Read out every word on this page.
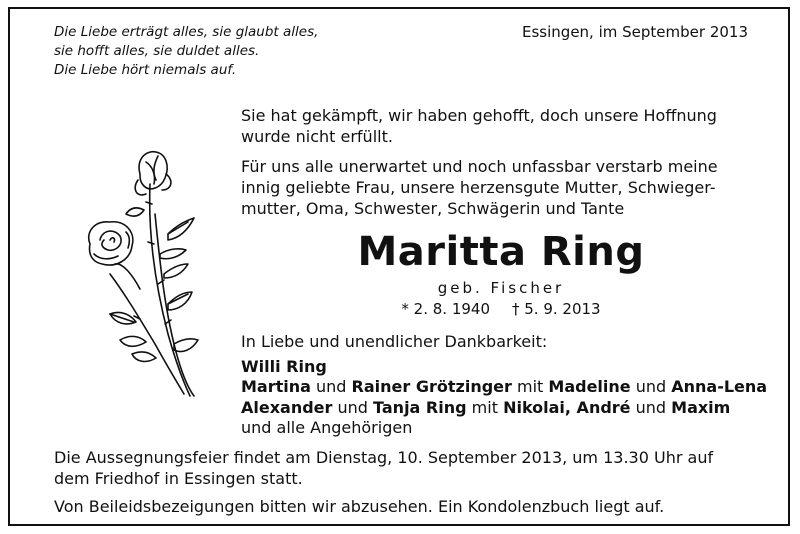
Die Liebe erträgt alles, sie glaubt alles,
sie hofft alles, sie duldet alles.
Die Liebe hört niemals auf.
Essingen, im September 2013
Sie hat gekämpft, wir haben gehofft, doch unsere Hoffnung
wurde nicht erfüllt.
Für uns alle unerwartet und noch unfassbar verstarb meine
innig geliebte Frau, unsere herzensgute Mutter, Schwieger-
mutter, Oma, Schwester, Schwägerin und Tante
Maritta Ring
geb. Fischer
* 2. 8. 1940 † 5. 9. 2013
In Liebe und unendlicher Dankbarkeit:
Willi Ring
Martina und Rainer Grötzinger mit Madeline und Anna-Lena
Alexander und Tanja Ring mit Nikolai, André und Maxim
und alle Angehörigen
Die Aussegnungsfeier findet am Dienstag, 10. September 2013, um 13.30 Uhr auf
dem Friedhof in Essingen statt.
Von Beileidsbezeigungen bitten wir abzusehen. Ein Kondolenzbuch liegt auf.
